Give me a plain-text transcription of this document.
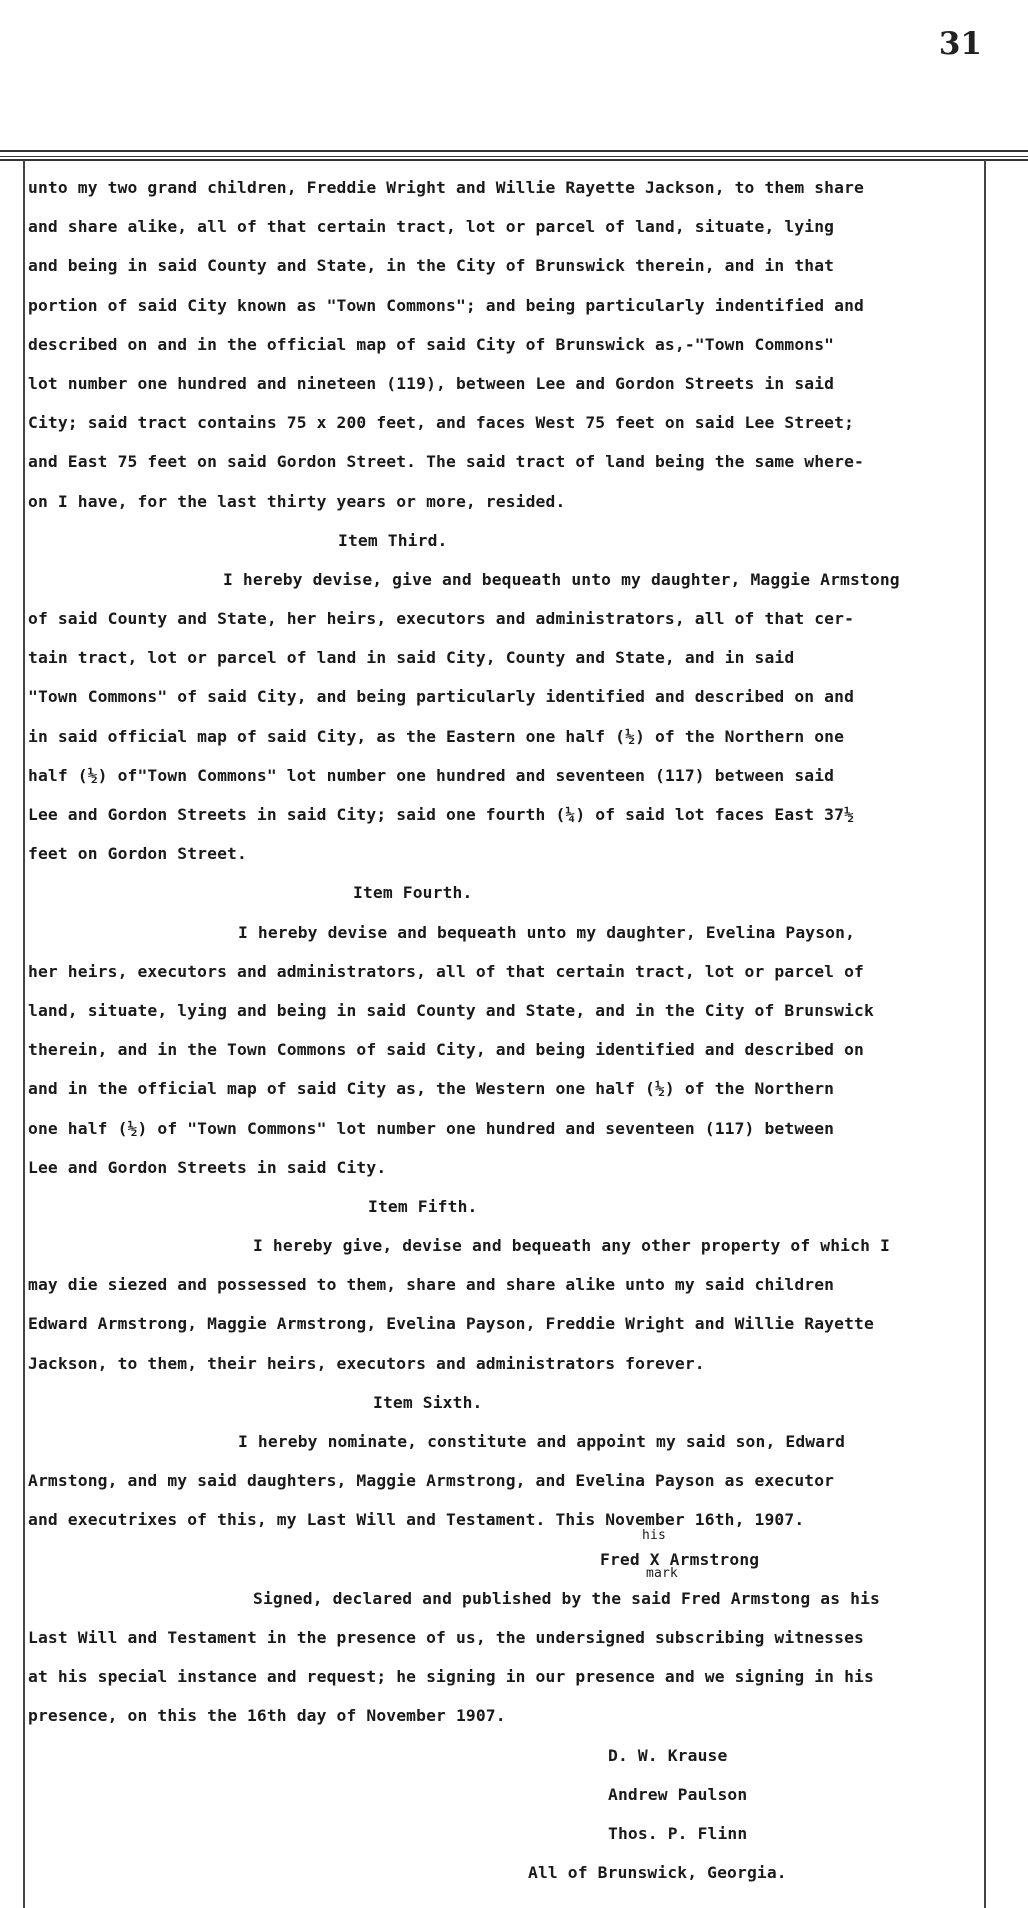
31
unto my two grand children, Freddie Wright and Willie Rayette Jackson, to them share
and share alike, all of that certain tract, lot or parcel of land, situate, lying
and being in said County and State, in the City of Brunswick therein, and in that
portion of said City known as "Town Commons"; and being particularly indentified and
described on and in the official map of said City of Brunswick as,-"Town Commons"
lot number one hundred and nineteen (119), between Lee and Gordon Streets in said
City; said tract contains 75 x 200 feet, and faces West 75 feet on said Lee Street;
and East 75 feet on said Gordon Street. The said tract of land being the same where-
on I have, for the last thirty years or more, resided.
Item Third.
I hereby devise, give and bequeath unto my daughter, Maggie Armstong
of said County and State, her heirs, executors and administrators, all of that cer-
tain tract, lot or parcel of land in said City, County and State, and in said
"Town Commons" of said City, and being particularly identified and described on and
in said official map of said City, as the Eastern one half (½) of the Northern one
half (½) of"Town Commons" lot number one hundred and seventeen (117) between said
Lee and Gordon Streets in said City; said one fourth (¼) of said lot faces East 37½
feet on Gordon Street.
Item Fourth.
I hereby devise and bequeath unto my daughter, Evelina Payson,
her heirs, executors and administrators, all of that certain tract, lot or parcel of
land, situate, lying and being in said County and State, and in the City of Brunswick
therein, and in the Town Commons of said City, and being identified and described on
and in the official map of said City as, the Western one half (½) of the Northern
one half (½) of "Town Commons" lot number one hundred and seventeen (117) between
Lee and Gordon Streets in said City.
Item Fifth.
I hereby give, devise and bequeath any other property of which I
may die siezed and possessed to them, share and share alike unto my said children
Edward Armstrong, Maggie Armstrong, Evelina Payson, Freddie Wright and Willie Rayette
Jackson, to them, their heirs, executors and administrators forever.
Item Sixth.
I hereby nominate, constitute and appoint my said son, Edward
Armstong, and my said daughters, Maggie Armstrong, and Evelina Payson as executor
and executrixes of this, my Last Will and Testament. This November 16th, 1907.
his
Fred X Armstrong
mark
Signed, declared and published by the said Fred Armstong as his
Last Will and Testament in the presence of us, the undersigned subscribing witnesses
at his special instance and request; he signing in our presence and we signing in his
presence, on this the 16th day of November 1907.
D. W. Krause
Andrew Paulson
Thos. P. Flinn
All of Brunswick, Georgia.
